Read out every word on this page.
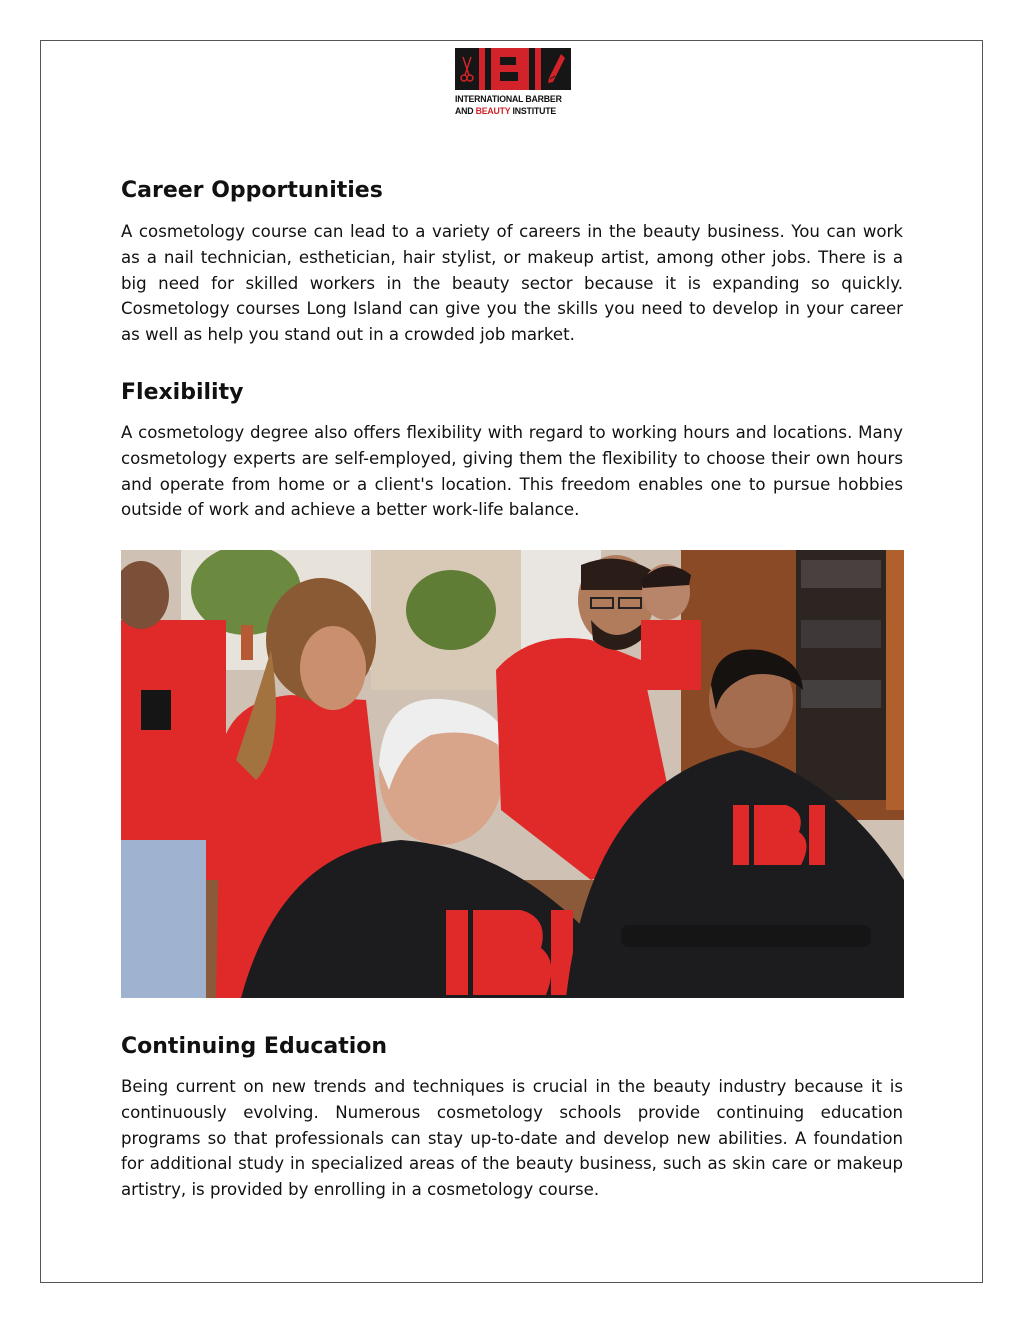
INTERNATIONAL BARBER
AND BEAUTY INSTITUTE
Career Opportunities

A cosmetology course can lead to a variety of careers in the beauty business. You can work as a nail technician, esthetician, hair stylist, or makeup artist, among other jobs. There is a big need for skilled workers in the beauty sector because it is expanding so quickly. Cosmetology courses Long Island can give you the skills you need to develop in your career as well as help you stand out in a crowded job market.

Flexibility

A cosmetology degree also offers flexibility with regard to working hours and locations. Many cosmetology experts are self-employed, giving them the flexibility to choose their own hours and operate from home or a client's location. This freedom enables one to pursue hobbies outside of work and achieve a better work-life balance.

Continuing Education

Being current on new trends and techniques is crucial in the beauty industry because it is continuously evolving. Numerous cosmetology schools provide continuing education programs so that professionals can stay up-to-date and develop new abilities. A foundation for additional study in specialized areas of the beauty business, such as skin care or makeup artistry, is provided by enrolling in a cosmetology course.
